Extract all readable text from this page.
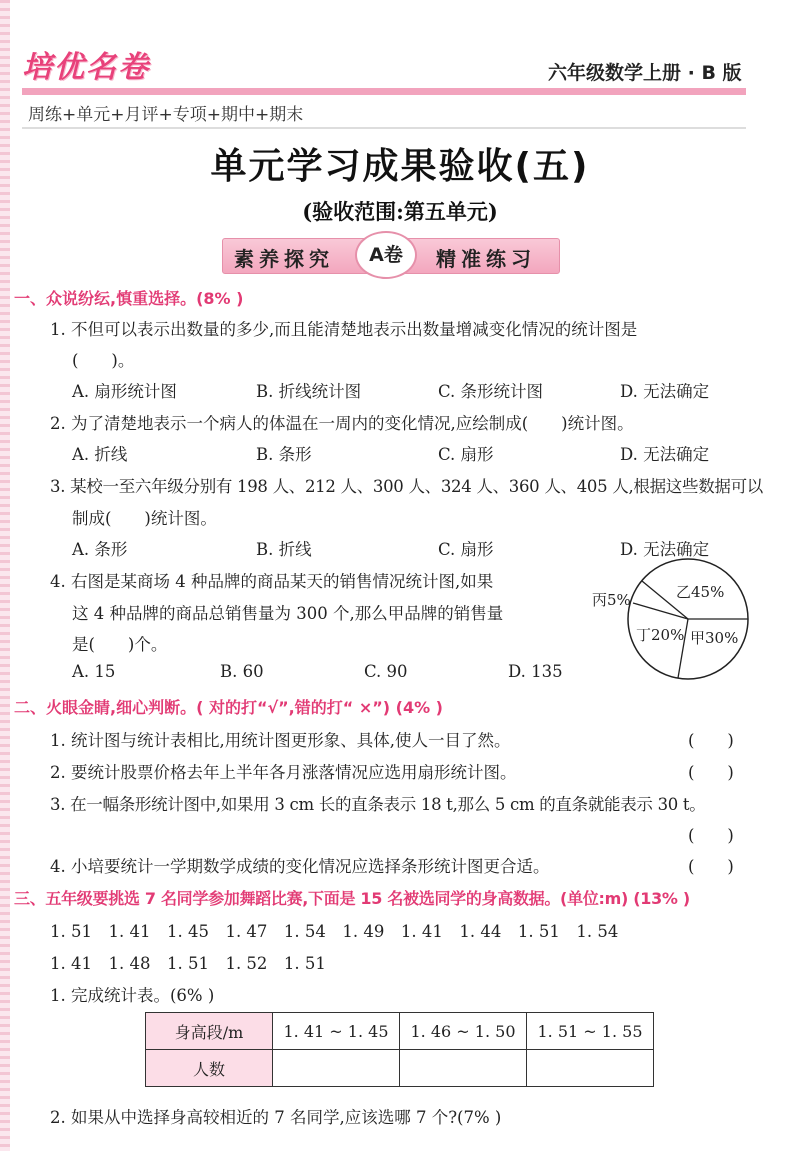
培优名卷	六年级数学上册 · B 版
周练+单元+月评+专项+期中+期末
单元学习成果验收(五)
(验收范围:第五单元)
素养探究	A卷	精准练习
一、众说纷纭,慎重选择。(8% )
1. 不但可以表示出数量的多少,而且能清楚地表示出数量增减变化情况的统计图是
(　　)。
A. 扇形统计图	B. 折线统计图	C. 条形统计图	D. 无法确定
2. 为了清楚地表示一个病人的体温在一周内的变化情况,应绘制成(　　)统计图。
A. 折线	B. 条形	C. 扇形	D. 无法确定
3. 某校一至六年级分别有 198 人、212 人、300 人、324 人、360 人、405 人,根据这些数据可以
制成(　　)统计图。
A. 条形	B. 折线	C. 扇形	D. 无法确定
4. 右图是某商场 4 种品牌的商品某天的销售情况统计图,如果
这 4 种品牌的商品总销售量为 300 个,那么甲品牌的销售量
是(　　)个。
A. 15	B. 60	C. 90	D. 135
丙5%	乙45%
丁20% 甲30%
二、火眼金睛,细心判断。( 对的打“√”,错的打“ ×”) (4% )
1. 统计图与统计表相比,用统计图更形象、具体,使人一目了然。	(　　)
2. 要统计股票价格去年上半年各月涨落情况应选用扇形统计图。	(　　)
3. 在一幅条形统计图中,如果用 3 cm 长的直条表示 18 t,那么 5 cm 的直条就能表示 30 t。
(　　)
4. 小培要统计一学期数学成绩的变化情况应选择条形统计图更合适。	(　　)
三、五年级要挑选 7 名同学参加舞蹈比赛,下面是 15 名被选同学的身高数据。(单位:m) (13% )
1. 51　1. 41　1. 45　1. 47　1. 54　1. 49　1. 41　1. 44　1. 51　1. 54
1. 41　1. 48　1. 51　1. 52　1. 51
1. 完成统计表。(6% )
身高段/m	1. 41 ~ 1. 45	1. 46 ~ 1. 50	1. 51 ~ 1. 55
人数			
2. 如果从中选择身高较相近的 7 名同学,应该选哪 7 个?(7% )
